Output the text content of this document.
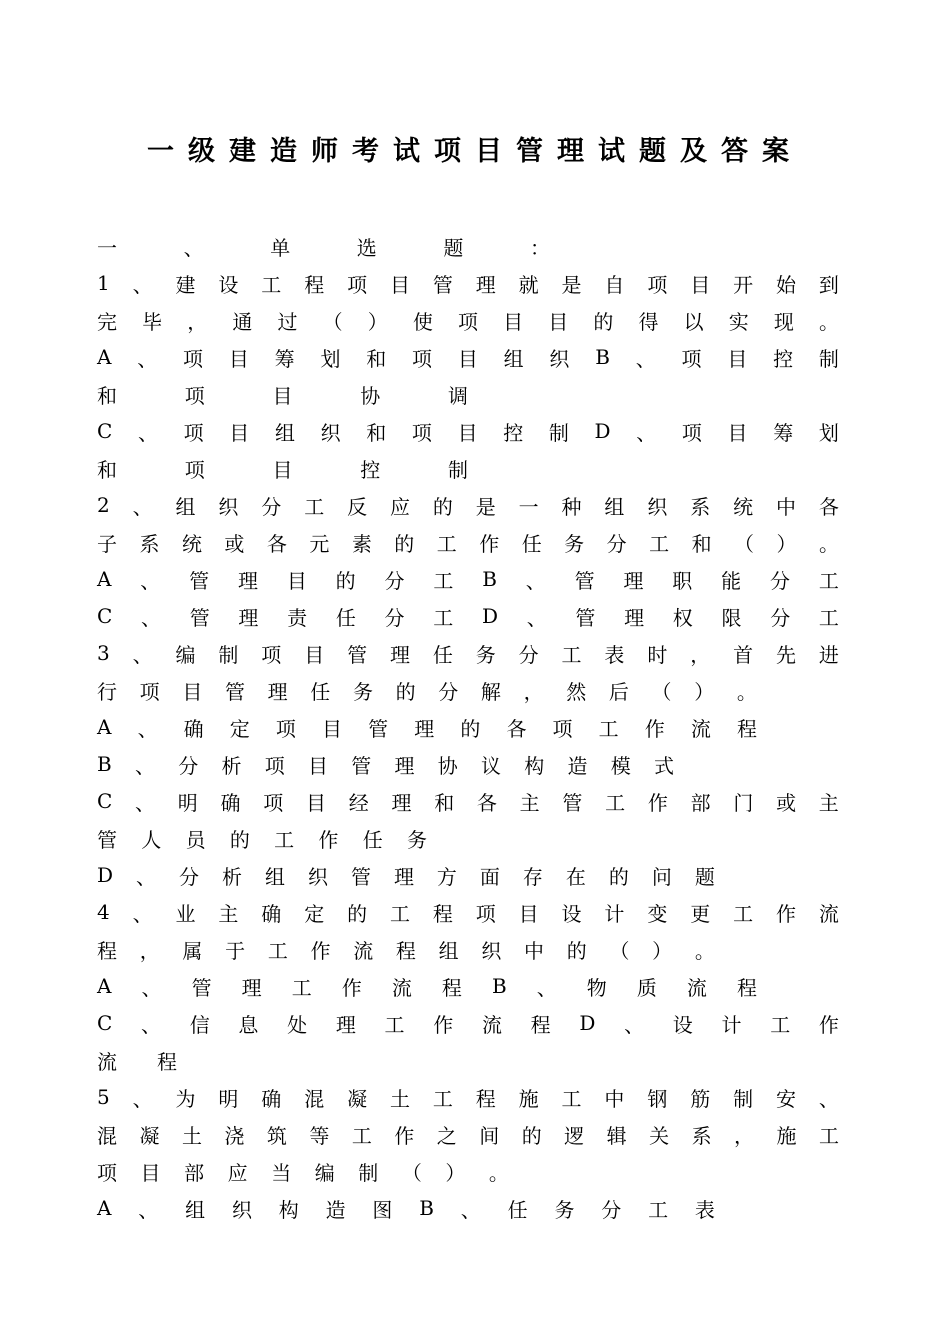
一级建造师考试项目管理试题及答案
一	、	单	选	题	：
1 、 建 设 工 程 项 目 管 理 就 是 自 项 目 开 始 到
完 毕 ， 通 过 （ ） 使 项 目 目 的 得 以 实 现 。
A 、 项 目 筹 划 和 项 目 组 织 B 、 项 目 控 制
和	项	目	协	调
C 、 项 目 组 织 和 项 目 控 制 D 、 项 目 筹 划
和	项	目	控	制
2 、 组 织 分 工 反 应 的 是 一 种 组 织 系 统 中 各
子 系 统 或 各 元 素 的 工 作 任 务 分 工 和 （ ） 。
A 、 管 理 目 的 分 工 B 、 管 理 职 能 分 工
C 、 管 理 责 任 分 工 D 、 管 理 权 限 分 工
3 、 编 制 项 目 管 理 任 务 分 工 表 时 ， 首 先 进
行 项 目 管 理 任 务 的 分 解 ， 然 后 （ ） 。
A 、 确 定 项 目 管 理 的 各 项 工 作 流 程
B 、 分 析 项 目 管 理 协 议 构 造 模 式
C 、 明 确 项 目 经 理 和 各 主 管 工 作 部 门 或 主
管 人 员 的 工 作 任 务
D 、 分 析 组 织 管 理 方 面 存 在 的 问 题
4 、 业 主 确 定 的 工 程 项 目 设 计 变 更 工 作 流
程 ， 属 于 工 作 流 程 组 织 中 的 （ ） 。
A 、 管 理 工 作 流 程 B 、 物 质 流 程
C 、 信 息 处 理 工 作 流 程 D 、 设 计 工 作
流 程
5 、 为 明 确 混 凝 土 工 程 施 工 中 钢 筋 制 安 、
混 凝 土 浇 筑 等 工 作 之 间 的 逻 辑 关 系 ， 施 工
项 目 部 应 当 编 制 （ ） 。
A 、 组 织 构 造 图 B 、 任 务 分 工 表
